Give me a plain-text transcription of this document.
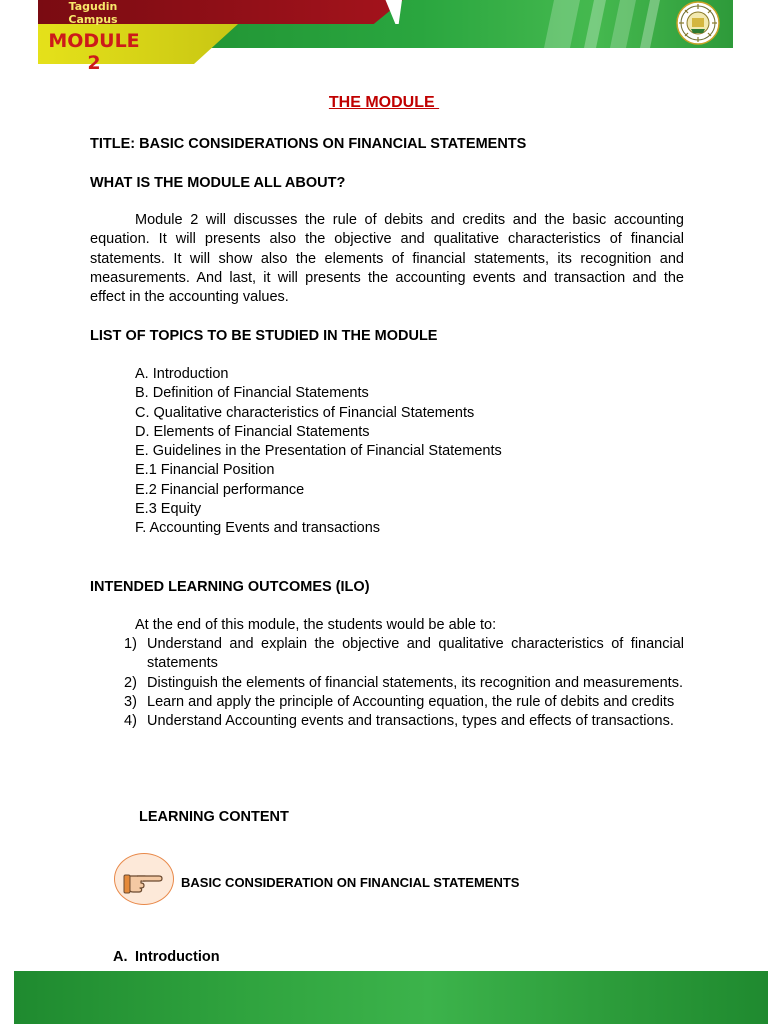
Tagudin
Campus
MODULE
2
THE MODULE
TITLE: BASIC CONSIDERATIONS ON FINANCIAL STATEMENTS
WHAT IS THE MODULE ALL ABOUT?
Module 2 will discusses the rule of debits and credits and the basic accounting equation. It will presents also the objective and qualitative characteristics of financial statements. It will show also the elements of financial statements, its recognition and measurements. And last, it will presents the accounting events and transaction and the effect in the accounting values.
LIST OF TOPICS TO BE STUDIED IN THE MODULE
A. Introduction
B. Definition of Financial Statements
C. Qualitative characteristics of Financial Statements
D. Elements of Financial Statements
E. Guidelines in the Presentation of Financial Statements
E.1 Financial Position
E.2 Financial performance
E.3 Equity
F. Accounting Events and transactions
INTENDED LEARNING OUTCOMES (ILO)
At the end of this module, the students would be able to:
1) Understand and explain the objective and qualitative characteristics of financial statements
2) Distinguish the elements of financial statements, its recognition and measurements.
3) Learn and apply the principle of Accounting equation, the rule of debits and credits
4) Understand Accounting events and transactions, types and effects of transactions.
LEARNING CONTENT
BASIC CONSIDERATION ON FINANCIAL STATEMENTS
A. Introduction
